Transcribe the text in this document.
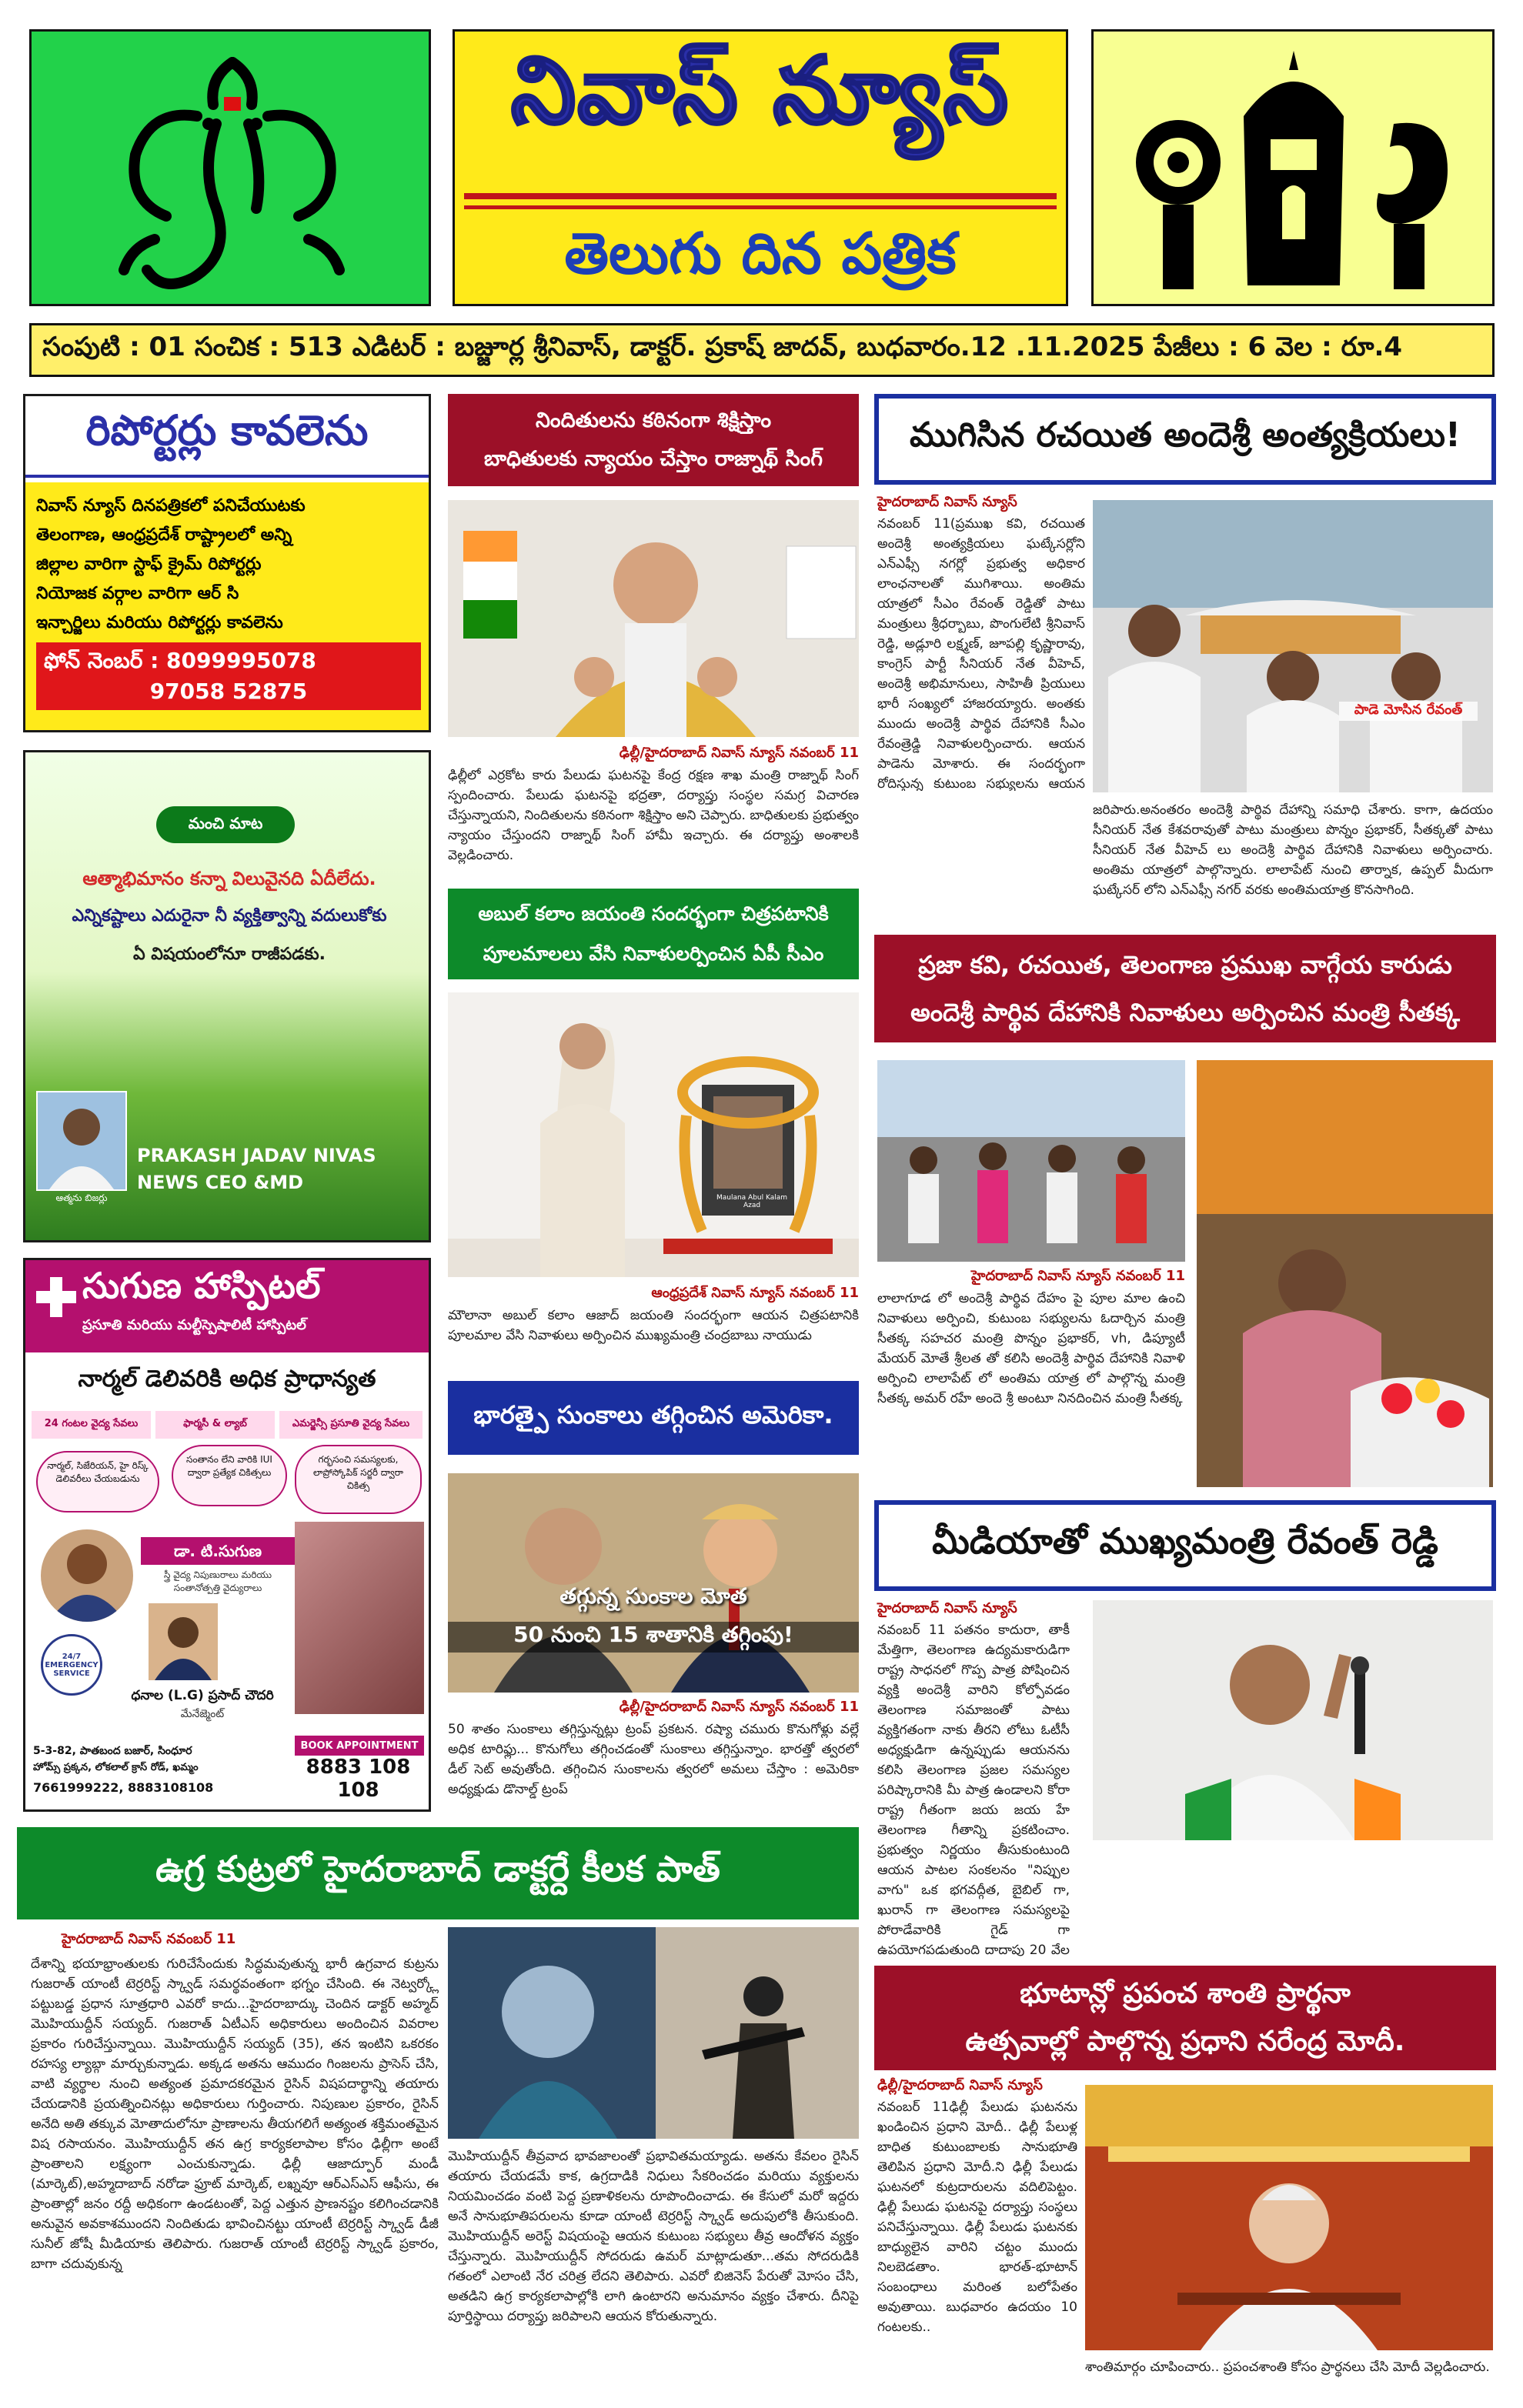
నివాస్ న్యూస్
తెలుగు దిన పత్రిక
సంపుటి : 01 సంచిక : 513 ఎడిటర్ : బజ్జూర్ల శ్రీనివాస్, డాక్టర్. ప్రకాష్ జాదవ్, బుధవారం.12 .11.2025 పేజీలు : 6 వెల : రూ.4
రిపోర్టర్లు కావలెను
నివాస్ న్యూస్ దినపత్రికలో పనిచేయుటకు
తెలంగాణ, ఆంధ్రప్రదేశ్ రాష్ట్రాలలో అన్ని
జిల్లాల వారిగా స్టాఫ్ క్రైమ్ రిపోర్టర్లు
నియోజక వర్గాల వారిగా ఆర్ సి
ఇన్చార్జిలు మరియు రిపోర్టర్లు కావలెను
ఫోన్ నెంబర్ : 8099995078
97058 52875
మంచి మాట
ఆత్మాభిమానం కన్నా విలువైనది ఏదీలేదు.
ఎన్నికష్టాలు ఎదురైనా నీ వ్యక్తిత్వాన్ని వదులుకోకు
ఏ విషయంలోనూ రాజీపడకు.
ఆత్మను బిజర్లు
PRAKASH JADAV NIVAS
NEWS CEO &MD
సుగుణ హాస్పిటల్
ప్రసూతి మరియు మల్టీస్పెషాలిటీ హాస్పిటల్
నార్మల్ డెలివరికి అధిక ప్రాధాన్యత
24 గంటల వైద్య సేవలు	ఫార్మసీ & ల్యాబ్	ఎమర్జెన్సీ ప్రసూతి వైద్య సేవలు
నార్మల్, సిజేరియన్, హై రిస్క్ డెలివరీలు చేయబడును
సంతానం లేని వారికి IUI ద్వారా ప్రత్యేక చికిత్సలు
గర్భసంచి సమస్యలకు, లాప్రోస్కోపిక్ సర్జరీ ద్వారా చికిత్స
డా. టి.సుగుణ
స్త్రీ వైద్య నిపుణురాలు మరియు సంతానోత్పత్తి వైద్యురాలు
24/7 EMERGENCY SERVICE
ధనాల (L.G) ప్రసాద్ చౌదరి
మేనేజ్మెంట్
5-3-82, పాతబంద బజార్, సింధూర
హోమ్స్ ప్రక్కన, లోకలాల్ క్రాస్ రోడ్, ఖమ్మం
7661999222, 8883108108
BOOK APPOINTMENT
8883 108 108
నిందితులను కఠినంగా శిక్షిస్తాం
బాధితులకు న్యాయం చేస్తాం రాజ్నాథ్ సింగ్
ఢిల్లీ/హైదరాబాద్ నివాస్ న్యూస్ నవంబర్ 11
ఢిల్లీలో ఎర్రకోట కారు పేలుడు ఘటనపై కేంద్ర రక్షణ శాఖ మంత్రి రాజ్నాథ్ సింగ్ స్పందించారు. పేలుడు ఘటనపై భద్రతా, దర్యాప్తు సంస్థల సమగ్ర విచారణ చేస్తున్నాయని, నిందితులను కఠినంగా శిక్షిస్తాం అని చెప్పారు. బాధితులకు ప్రభుత్వం న్యాయం చేస్తుందని రాజ్నాథ్ సింగ్ హామీ ఇచ్చారు. ఈ దర్యాప్తు అంశాలకి వెల్లడించారు.
అబుల్ కలాం జయంతి సందర్భంగా చిత్రపటానికి
పూలమాలలు వేసి నివాళులర్పించిన ఏపీ సీఎం
Maulana Abul Kalam Azad
ఆంధ్రప్రదేశ్ నివాస్ న్యూస్ నవంబర్ 11
మౌలానా అబుల్ కలాం ఆజాద్ జయంతి సందర్భంగా ఆయన చిత్రపటానికి పూలమాల వేసి నివాళులు అర్పించిన ముఖ్యమంత్రి చంద్రబాబు నాయుడు
భారత్పై సుంకాలు తగ్గించిన అమెరికా.
తగ్గున్న సుంకాల మోత
50 నుంచి 15 శాతానికి తగ్గింపు!
ఢిల్లీ/హైదరాబాద్ నివాస్ న్యూస్ నవంబర్ 11
50 శాతం సుంకాలు తగ్గిస్తున్నట్లు ట్రంప్ ప్రకటన. రష్యా చమురు కొనుగోళ్లు వల్లే అధిక టారిఫ్లు... కొనుగోలు తగ్గించడంతో సుంకాలు తగ్గిస్తున్నాం. భారత్తో త్వరలో డీల్ సెట్ అవుతోంది. తగ్గించిన సుంకాలను త్వరలో అమలు చేస్తాం : అమెరికా అధ్యక్షుడు డొనాల్డ్ ట్రంప్
ముగిసిన రచయిత అందెశ్రీ అంత్యక్రియలు!
హైదరాబాద్ నివాస్ న్యూస్
నవంబర్ 11(ప్రముఖ కవి, రచయిత అందెశ్రీ అంత్యక్రియలు ఘట్కేసర్లోని ఎన్ఎఫ్సీ నగర్లో ప్రభుత్వ అధికార లాంఛనాలతో ముగిశాయి. అంతిమ యాత్రలో సీఎం రేవంత్ రెడ్డితో పాటు మంత్రులు శ్రీధర్బాబు, పొంగులేటి శ్రీనివాస్ రెడ్డి, అడ్లూరి లక్ష్మణ్, జూపల్లి కృష్ణారావు, కాంగ్రెస్ పార్టీ సీనియర్ నేత వీహెచ్, అందెశ్రీ అభిమానులు, సాహితీ ప్రియులు భారీ సంఖ్యలో హాజరయ్యారు. అంతకు ముందు అందెశ్రీ పార్థివ దేహానికి సీఎం రేవంత్రెడ్డి నివాళులర్పించారు. ఆయన పాడెను మోశారు. ఈ సందర్భంగా రోదిస్తున్న కుటుంబ సభ్యులను ఆయన
పాడె మోసిన రేవంత్
జరిపారు.అనంతరం అందెశ్రీ పార్థివ దేహాన్ని సమాధి చేశారు. కాగా, ఉదయం సీనియర్ నేత కేశవరావుతో పాటు మంత్రులు పొన్నం ప్రభాకర్, సీతక్కతో పాటు సీనియర్ నేత వీహెచ్ లు అందెశ్రీ పార్థివ దేహానికి నివాళులు అర్పించారు. అంతిమ యాత్రలో పాల్గొన్నారు. లాలాపేట్ నుంచి తార్నాక, ఉప్పల్ మీదుగా ఘట్కేసర్ లోని ఎన్ఎఫ్సీ నగర్ వరకు అంతిమయాత్ర కొనసాగింది.
ప్రజా కవి, రచయిత, తెలంగాణ ప్రముఖ వాగ్గేయ కారుడు
అందెశ్రీ పార్థివ దేహానికి నివాళులు అర్పించిన మంత్రి సీతక్క
హైదరాబాద్ నివాస్ న్యూస్ నవంబర్ 11
లాలాగూడ లో అందెశ్రీ పార్థివ దేహం పై పూల మాల ఉంచి నివాళులు అర్పించి, కుటుంబ సభ్యులను ఓదార్చిన మంత్రి సీతక్క సహచర మంత్రి పొన్నం ప్రభాకర్, vh, డిప్యూటీ మేయర్ మోతే శ్రీలత తో కలిసి అందెశ్రీ పార్థివ దేహానికి నివాళి అర్పించి లాలాపేట్ లో అంతిమ యాత్ర లో పాల్గొన్న మంత్రి సీతక్క అమర్ రహే అందె శ్రీ అంటూ నినదించిన మంత్రి సీతక్క
మీడియాతో ముఖ్యమంత్రి రేవంత్ రెడ్డి
హైదరాబాద్ నివాస్ న్యూస్
నవంబర్ 11 పతనం కాదురా, తాకీ మేత్తిగా, తెలంగాణ ఉద్యమకారుడిగా రాష్ట్ర సాధనలో గొప్ప పాత్ర పోషించిన వ్యక్తి అందెశ్రీ వారిని కోల్పోవడం తెలంగాణ సమాజంతో పాటు వ్యక్తిగతంగా నాకు తీరని లోటు ఓటీసీ అధ్యక్షుడిగా ఉన్నప్పుడు ఆయనను కలిసి తెలంగాణ ప్రజల సమస్యల పరిష్కారానికి మీ పాత్ర ఉండాలని కోరా రాష్ట్ర గీతంగా జయ జయ హే తెలంగాణ గీతాన్ని ప్రకటించాం. ప్రభుత్వం నిర్ణయం తీసుకుంటుంది ఆయన పాటల సంకలనం "నిప్పుల వాగు" ఒక భగవద్గీత, బైబిల్ గా, ఖురాన్ గా తెలంగాణ సమస్యలపై పోరాడేవారికి గైడ్ గా ఉపయోగపడుతుంది దాదాపు 20 వేల
భూటాన్లో ప్రపంచ శాంతి ప్రార్థనా
ఉత్సవాల్లో పాల్గొన్న ప్రధాని నరేంద్ర మోదీ.
ఢిల్లీ/హైదరాబాద్ నివాస్ న్యూస్
నవంబర్ 11ఢిల్లీ పేలుడు ఘటనను ఖండించిన ప్రధాని మోదీ.. ఢిల్లీ పేలుళ్ల బాధిత కుటుంబాలకు సానుభూతి తెలిపిన ప్రధాని మోదీ.ని ఢిల్లీ పేలుడు ఘటనలో కుట్రదారులను వదిలిపెట్టం. ఢిల్లీ పేలుడు ఘటనపై దర్యాప్తు సంస్థలు పనిచేస్తున్నాయి. ఢిల్లీ పేలుడు ఘటనకు బాధ్యులైన వారిని చట్టం ముందు నిలబెడతాం. భారత్-భూటాన్ సంబంధాలు మరింత బలోపేతం అవుతాయి. బుధవారం ఉదయం 10 గంటలకు..
శాంతిమార్గం చూపించారు.. ప్రపంచశాంతి కోసం ప్రార్థనలు చేసి మోదీ వెల్లడించారు.
ఉగ్ర కుట్రలో హైదరాబాద్ డాక్టర్దే కీలక పాత్
హైదరాబాద్ నివాస్ నవంబర్ 11
దేశాన్ని భయాభ్రాంతులకు గురిచేసేందుకు సిద్ధమవుతున్న భారీ ఉగ్రవాద కుట్రను గుజరాత్ యాంటీ టెర్రరిస్ట్ స్క్వాడ్ సమర్థవంతంగా భగ్నం చేసింది. ఈ నెట్వర్క్లో పట్టుబడ్డ ప్రధాన సూత్రధారి ఎవరో కాదు...హైదరాబాద్కు చెందిన డాక్టర్ అహ్మద్ మొహియుద్దీన్ సయ్యద్. గుజరాత్ ఏటీఎస్ అధికారులు అందించిన వివరాల ప్రకారం గురిచేస్తున్నాయి. మొహియుద్దీన్ సయ్యద్ (35), తన ఇంటిని ఒకరకం రహస్య ల్యాబ్గా మార్చుకున్నాడు. అక్కడ అతను ఆముదం గింజలను ప్రాసెస్ చేసి, వాటి వ్యర్థాల నుంచి అత్యంత ప్రమాదకరమైన రైసిన్ విషపదార్థాన్ని తయారు చేయడానికి ప్రయత్నించినట్లు అధికారులు గుర్తించారు. నిపుణుల ప్రకారం, రైసిన్ అనేది అతి తక్కువ మోతాదులోనూ ప్రాణాలను తీయగలిగే అత్యంత శక్తిమంతమైన విష రసాయనం. మొహియుద్దీన్ తన ఉగ్ర కార్యకలాపాల కోసం ఢిల్లీగా అంటే ప్రాంతాలని లక్ష్యంగా ఎంచుకున్నాడు. ఢిల్లీ ఆజాద్పూర్ మండీ (మార్కెట్),అహ్మదాబాద్ నరోడా ఫ్రూట్ మార్కెట్, లఖ్నవూ ఆర్ఎస్ఎస్ ఆఫీసు, ఈ ప్రాంతాల్లో జనం రద్దీ అధికంగా ఉండటంతో, పెద్ద ఎత్తున ప్రాణనష్టం కలిగించడానికి అనువైన అవకాశముందని నిందితుడు భావించినట్టు యాంటీ టెర్రరిస్ట్ స్క్వాడ్ డీజీ సునీల్ జోషీ మీడియాకు తెలిపారు. గుజరాత్ యాంటీ టెర్రరిస్ట్ స్క్వాడ్ ప్రకారం, బాగా చదువుకున్న
మొహియుద్దీన్ తీవ్రవాద భావజాలంతో ప్రభావితమయ్యాడు. అతను కేవలం రైసిన్ తయారు చేయడమే కాక, ఉగ్రదాడికి నిధులు సేకరించడం మరియు వ్యక్తులను నియమించడం వంటి పెద్ద ప్రణాళికలను రూపొందించాడు. ఈ కేసులో మరో ఇద్దరు అనే సానుభూతిపరులను కూడా యాంటీ టెర్రరిస్ట్ స్క్వాడ్ అదుపులోకి తీసుకుంది. మొహియుద్దీన్ అరెస్ట్ విషయంపై ఆయన కుటుంబ సభ్యులు తీవ్ర ఆందోళన వ్యక్తం చేస్తున్నారు. మొహియుద్దీన్ సోదరుడు ఉమర్ మాట్లాడుతూ...తమ సోదరుడికి గతంలో ఎలాంటి నేర చరిత్ర లేదని తెలిపారు. ఎవరో బిజినెస్ పేరుతో మోసం చేసి, అతడిని ఉగ్ర కార్యకలాపాల్లోకి లాగి ఉంటారని అనుమానం వ్యక్తం చేశారు. దీనిపై పూర్తిస్థాయి దర్యాప్తు జరిపాలని ఆయన కోరుతున్నారు.
